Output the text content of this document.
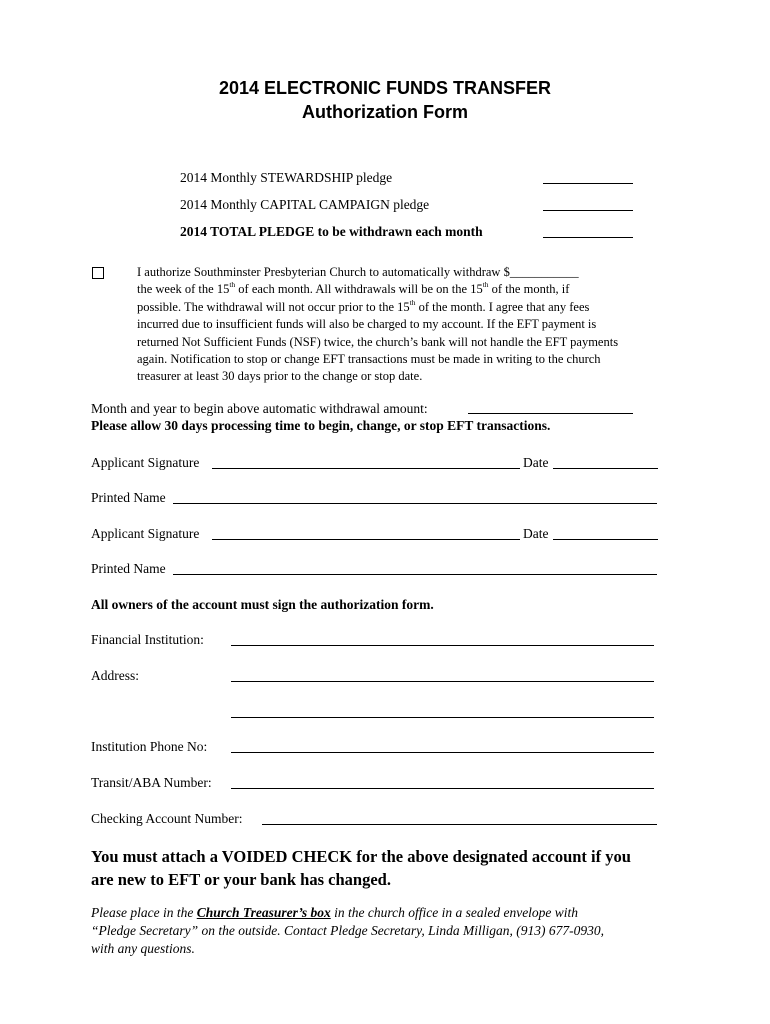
2014 ELECTRONIC FUNDS TRANSFER
Authorization Form
2014 Monthly STEWARDSHIP pledge
2014 Monthly CAPITAL CAMPAIGN pledge
2014 TOTAL PLEDGE to be withdrawn each month
I authorize Southminster Presbyterian Church to automatically withdraw $___________
the week of the 15th of each month. All withdrawals will be on the 15th of the month, if
possible. The withdrawal will not occur prior to the 15th of the month. I agree that any fees
incurred due to insufficient funds will also be charged to my account. If the EFT payment is
returned Not Sufficient Funds (NSF) twice, the church’s bank will not handle the EFT payments
again. Notification to stop or change EFT transactions must be made in writing to the church
treasurer at least 30 days prior to the change or stop date.
Month and year to begin above automatic withdrawal amount:
Please allow 30 days processing time to begin, change, or stop EFT transactions.
Applicant Signature	Date
Printed Name
Applicant Signature	Date
Printed Name
All owners of the account must sign the authorization form.
Financial Institution:
Address:
Institution Phone No:
Transit/ABA Number:
Checking Account Number:
You must attach a VOIDED CHECK for the above designated account if you
are new to EFT or your bank has changed.
Please place in the Church Treasurer’s box in the church office in a sealed envelope with
“Pledge Secretary” on the outside. Contact Pledge Secretary, Linda Milligan, (913) 677-0930,
with any questions.
